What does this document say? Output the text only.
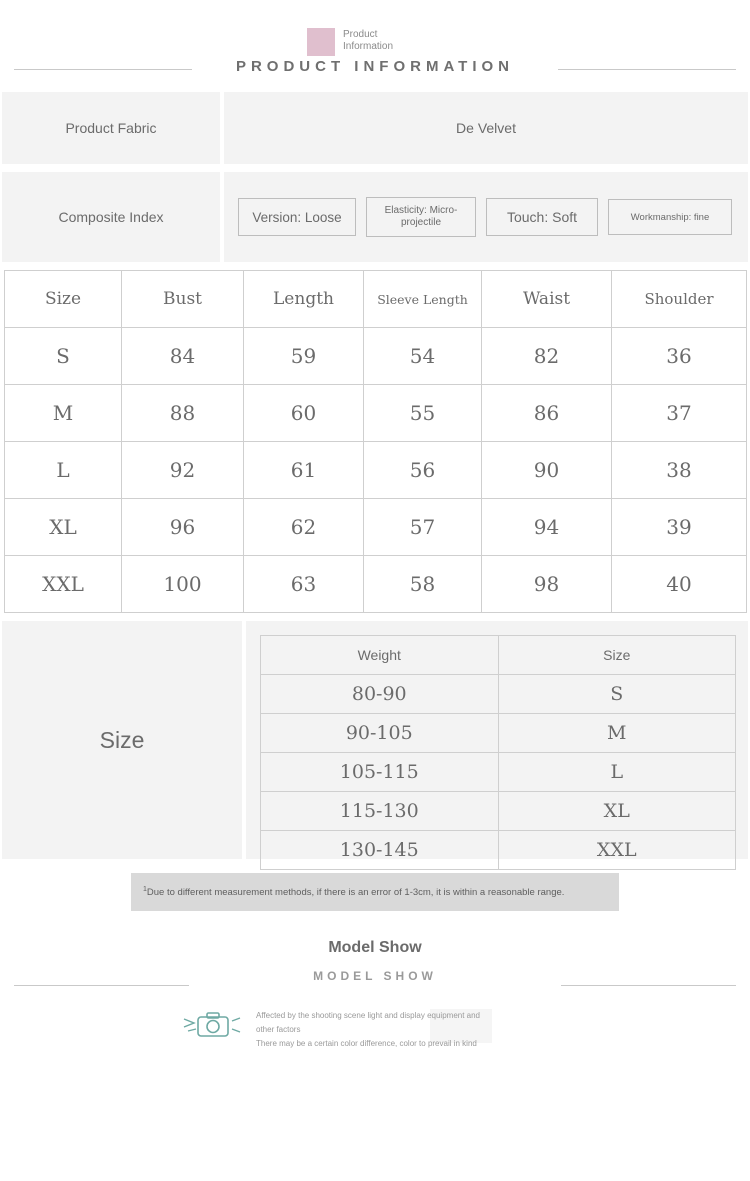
Product Information
PRODUCT INFORMATION
Product Fabric	De Velvet
Composite Index	Version: Loose	Elasticity: Micro-projectile	Touch: Soft	Workmanship: fine
Size	Bust	Length	Sleeve Length	Waist	Shoulder
S	84	59	54	82	36
M	88	60	55	86	37
L	92	61	56	90	38
XL	96	62	57	94	39
XXL	100	63	58	98	40
Size
Weight	Size
80-90	S
90-105	M
105-115	L
115-130	XL
130-145	XXL
$^1$Due to different measurement methods, if there is an error of 1-3cm, it is within a reasonable range.
Model Show
MODEL SHOW
Affected by the shooting scene light and display equipment and other factors
There may be a certain color difference, color to prevail in kind
